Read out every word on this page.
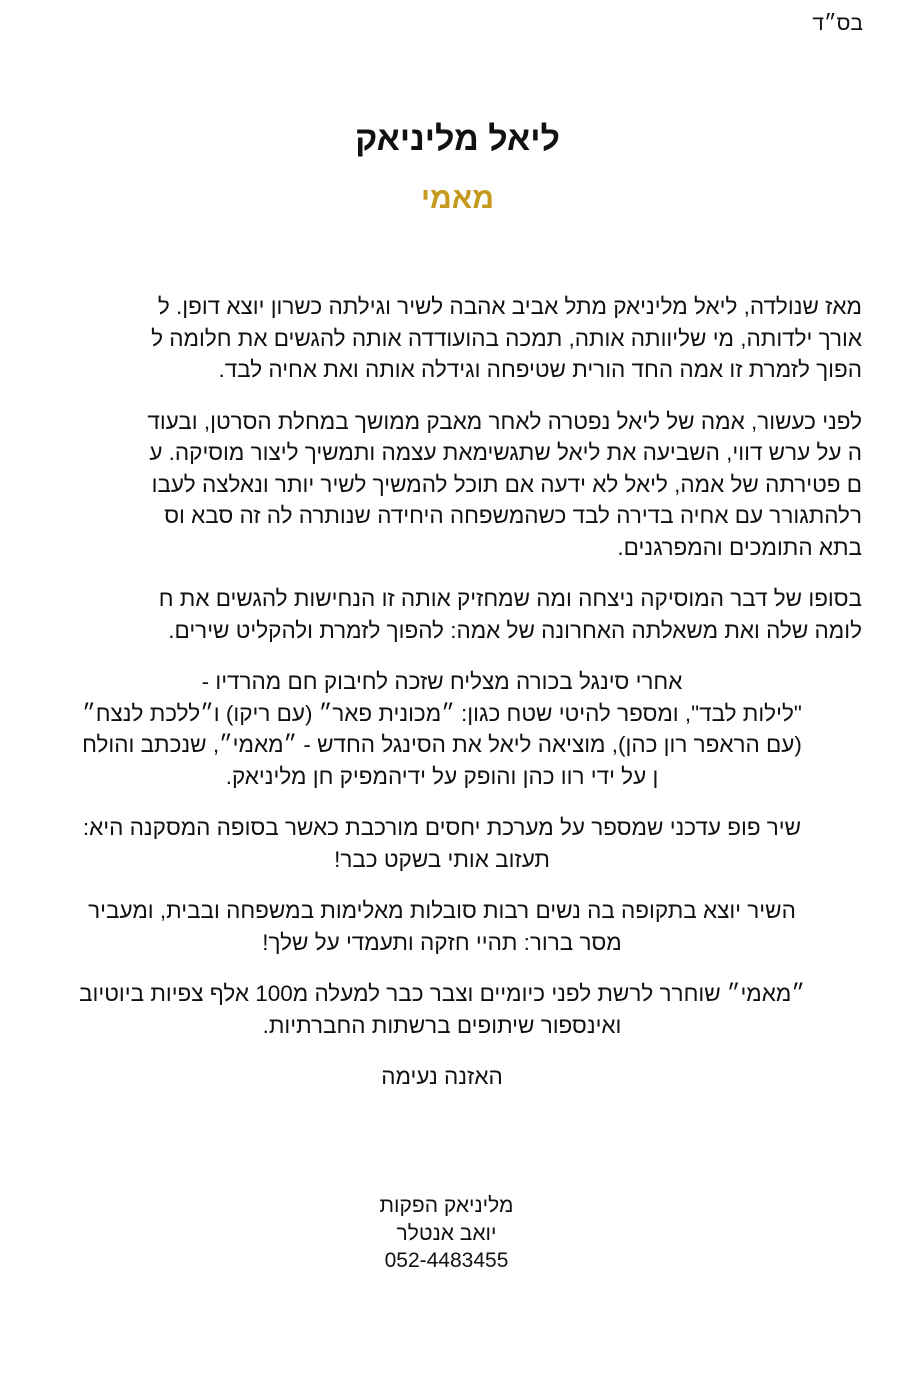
בס״ד
ליאל מליניאק
מאמי

מאז שנולדה, ליאל מליניאק מתל אביב אהבה לשיר וגילתה כשרון יוצא דופן. ל
אורך ילדותה, מי שליוותה אותה, תמכה בהועודדה אותה להגשים את חלומה ל
הפוך לזמרת זו אמה החד הורית שטיפחה וגידלה אותה ואת אחיה לבד.

לפני כעשור, אמה של ליאל נפטרה לאחר מאבק ממושך במחלת הסרטן, ובעוד
ה על ערש דווי, השביעה את ליאל שתגשימאת עצמה ותמשיך ליצור מוסיקה. ע
ם פטירתה של אמה, ליאל לא ידעה אם תוכל להמשיך לשיר יותר ונאלצה לעבו
רלהתגורר עם אחיה בדירה לבד כשהמשפחה היחידה שנותרה לה זה סבא וס
בתא התומכים והמפרגנים.

בסופו של דבר המוסיקה ניצחה ומה שמחזיק אותה זו הנחישות להגשים את ח
לומה שלה ואת משאלתה האחרונה של אמה: להפוך לזמרת ולהקליט שירים.

אחרי סינגל בכורה מצליח שזכה לחיבוק חם מהרדיו -
"לילות לבד", ומספר להיטי שטח כגון: ״מכונית פאר״ (עם ריקו) ו״ללכת לנצח״
(עם הראפר רון כהן), מוציאה ליאל את הסינגל החדש - ״מאמי״, שנכתב והולח
ן על ידי רוו כהן והופק על ידיהמפיק חן מליניאק.

שיר פופ עדכני שמספר על מערכת יחסים מורכבת כאשר בסופה המסקנה היא:
תעזוב אותי בשקט כבר!

השיר יוצא בתקופה בה נשים רבות סובלות מאלימות במשפחה ובבית, ומעביר
מסר ברור: תהיי חזקה ותעמדי על שלך!

״מאמי״ שוחרר לרשת לפני כיומיים וצבר כבר למעלה מ100 אלף צפיות ביוטיוב
ואינספור שיתופים ברשתות החברתיות.

האזנה נעימה

מליניאק הפקות
יואב אנטלר
052-4483455
